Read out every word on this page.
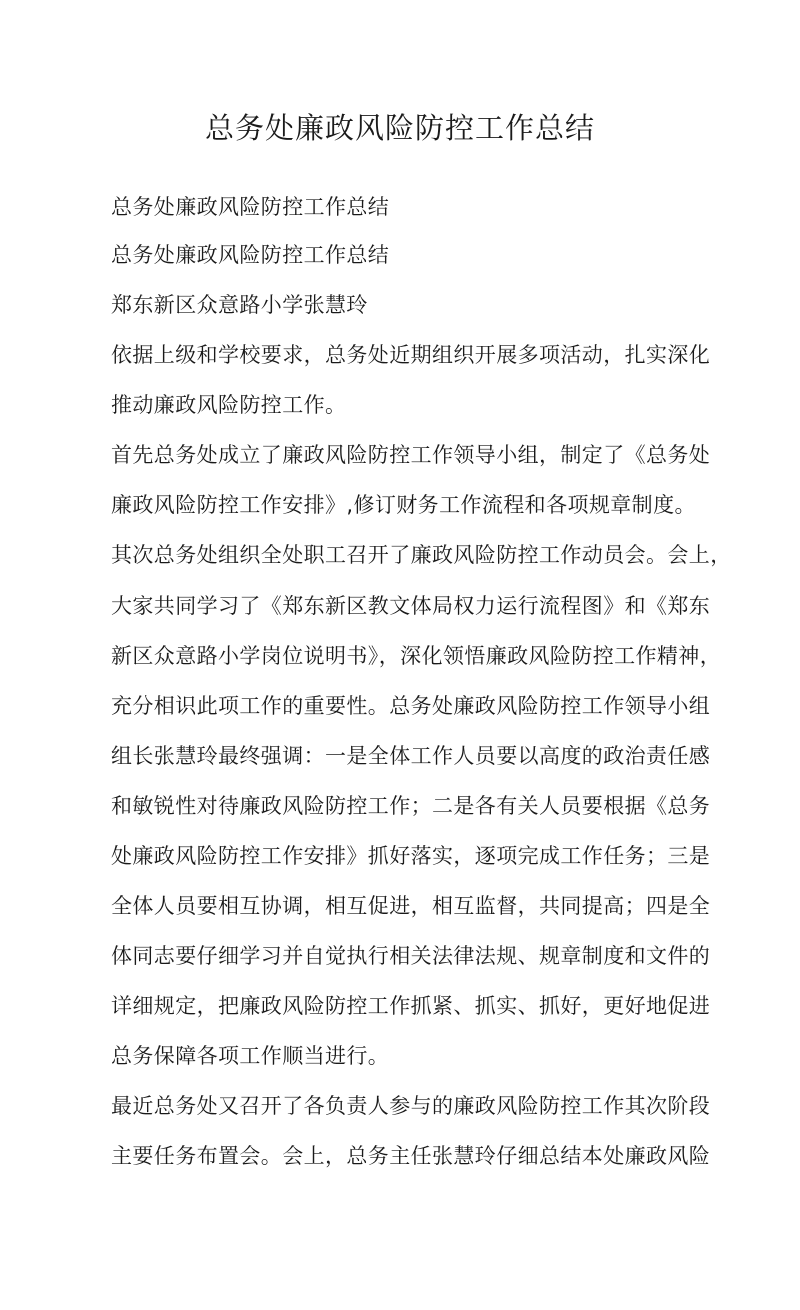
总务处廉政风险防控工作总结
总务处廉政风险防控工作总结
总务处廉政风险防控工作总结
郑东新区众意路小学张慧玲
依据上级和学校要求，总务处近期组织开展多项活动，扎实深化
推动廉政风险防控工作。
首先总务处成立了廉政风险防控工作领导小组，制定了《总务处
廉政风险防控工作安排》,修订财务工作流程和各项规章制度。
其次总务处组织全处职工召开了廉政风险防控工作动员会。会上，
大家共同学习了《郑东新区教文体局权力运行流程图》和《郑东
新区众意路小学岗位说明书》，深化领悟廉政风险防控工作精神，
充分相识此项工作的重要性。总务处廉政风险防控工作领导小组
组长张慧玲最终强调：一是全体工作人员要以高度的政治责任感
和敏锐性对待廉政风险防控工作；二是各有关人员要根据《总务
处廉政风险防控工作安排》抓好落实，逐项完成工作任务；三是
全体人员要相互协调，相互促进，相互监督，共同提高；四是全
体同志要仔细学习并自觉执行相关法律法规、规章制度和文件的
详细规定，把廉政风险防控工作抓紧、抓实、抓好，更好地促进
总务保障各项工作顺当进行。
最近总务处又召开了各负责人参与的廉政风险防控工作其次阶段
主要任务布置会。会上，总务主任张慧玲仔细总结本处廉政风险
